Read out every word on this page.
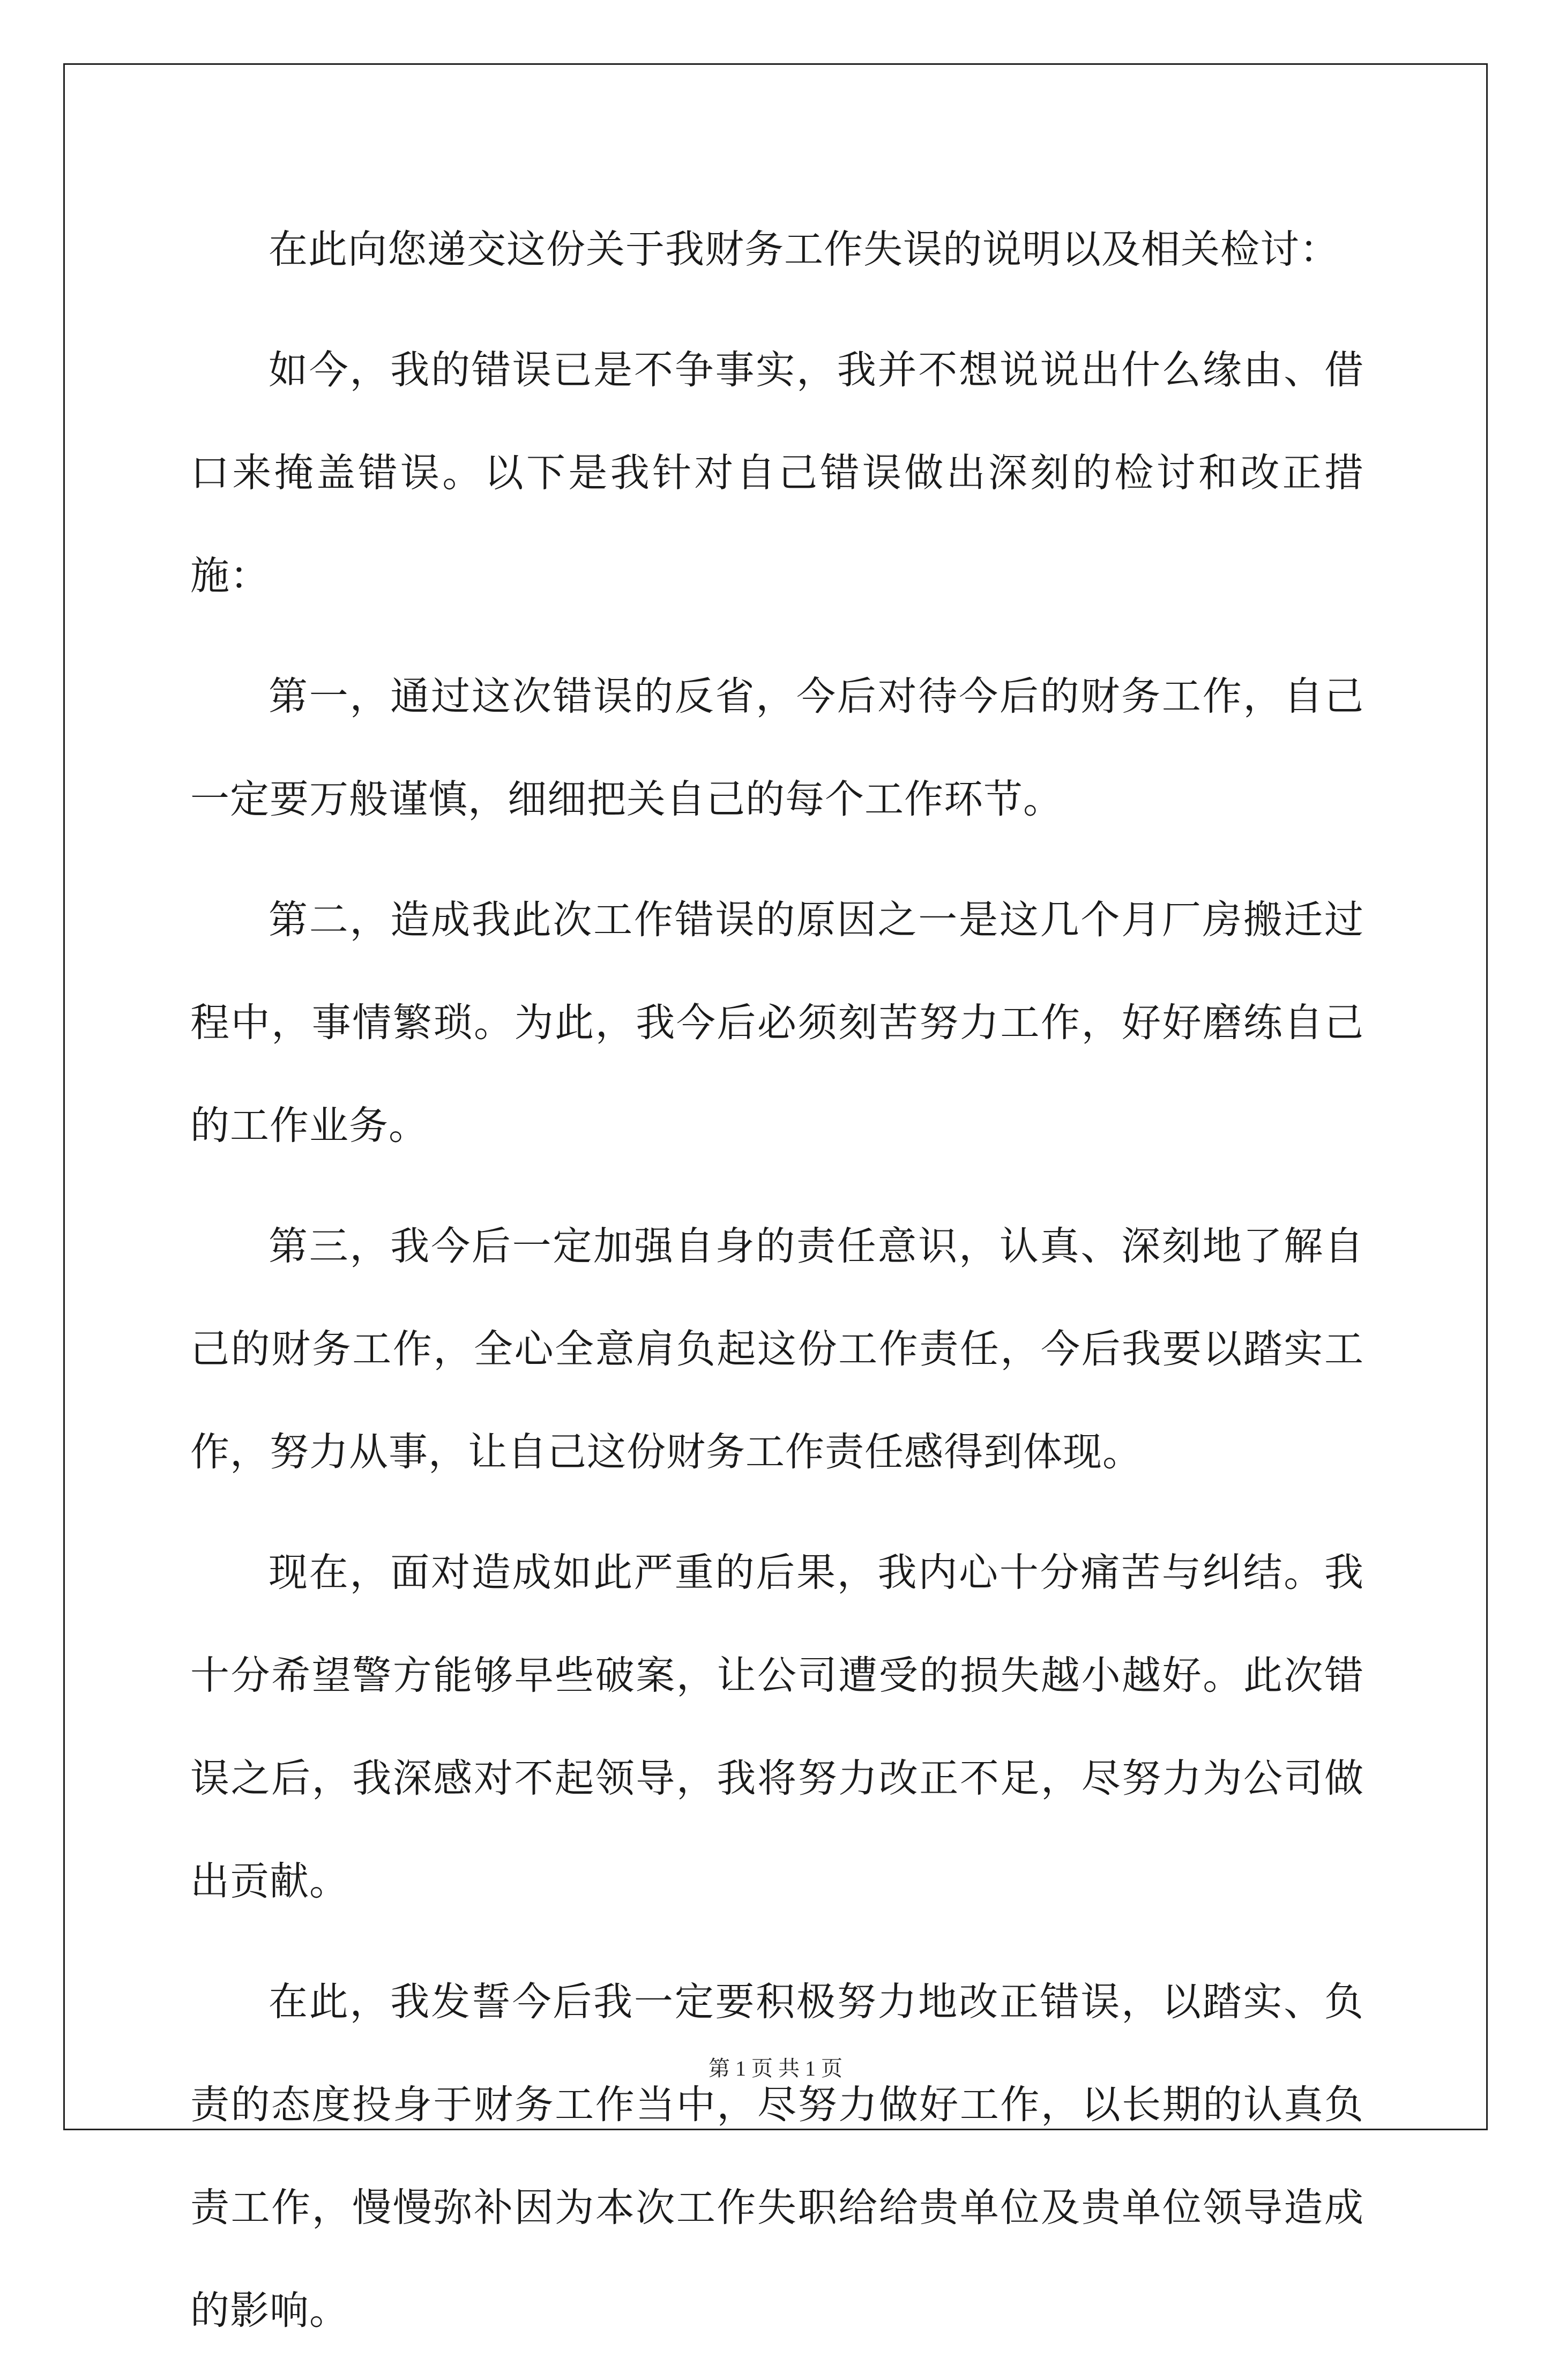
在此向您递交这份关于我财务工作失误的说明以及相关检讨：

如今，我的错误已是不争事实，我并不想说说出什么缘由、借口来掩盖错误。以下是我针对自己错误做出深刻的检讨和改正措施：

第一，通过这次错误的反省，今后对待今后的财务工作，自己一定要万般谨慎，细细把关自己的每个工作环节。

第二，造成我此次工作错误的原因之一是这几个月厂房搬迁过程中，事情繁琐。为此，我今后必须刻苦努力工作，好好磨练自己的工作业务。

第三，我今后一定加强自身的责任意识，认真、深刻地了解自己的财务工作，全心全意肩负起这份工作责任，今后我要以踏实工作，努力从事，让自己这份财务工作责任感得到体现。

现在，面对造成如此严重的后果，我内心十分痛苦与纠结。我十分希望警方能够早些破案，让公司遭受的损失越小越好。此次错误之后，我深感对不起领导，我将努力改正不足，尽努力为公司做出贡献。

在此，我发誓今后我一定要积极努力地改正错误，以踏实、负责的态度投身于财务工作当中，尽努力做好工作，以长期的认真负责工作，慢慢弥补因为本次工作失职给给贵单位及贵单位领导造成的影响。

第 1 页 共 1 页
